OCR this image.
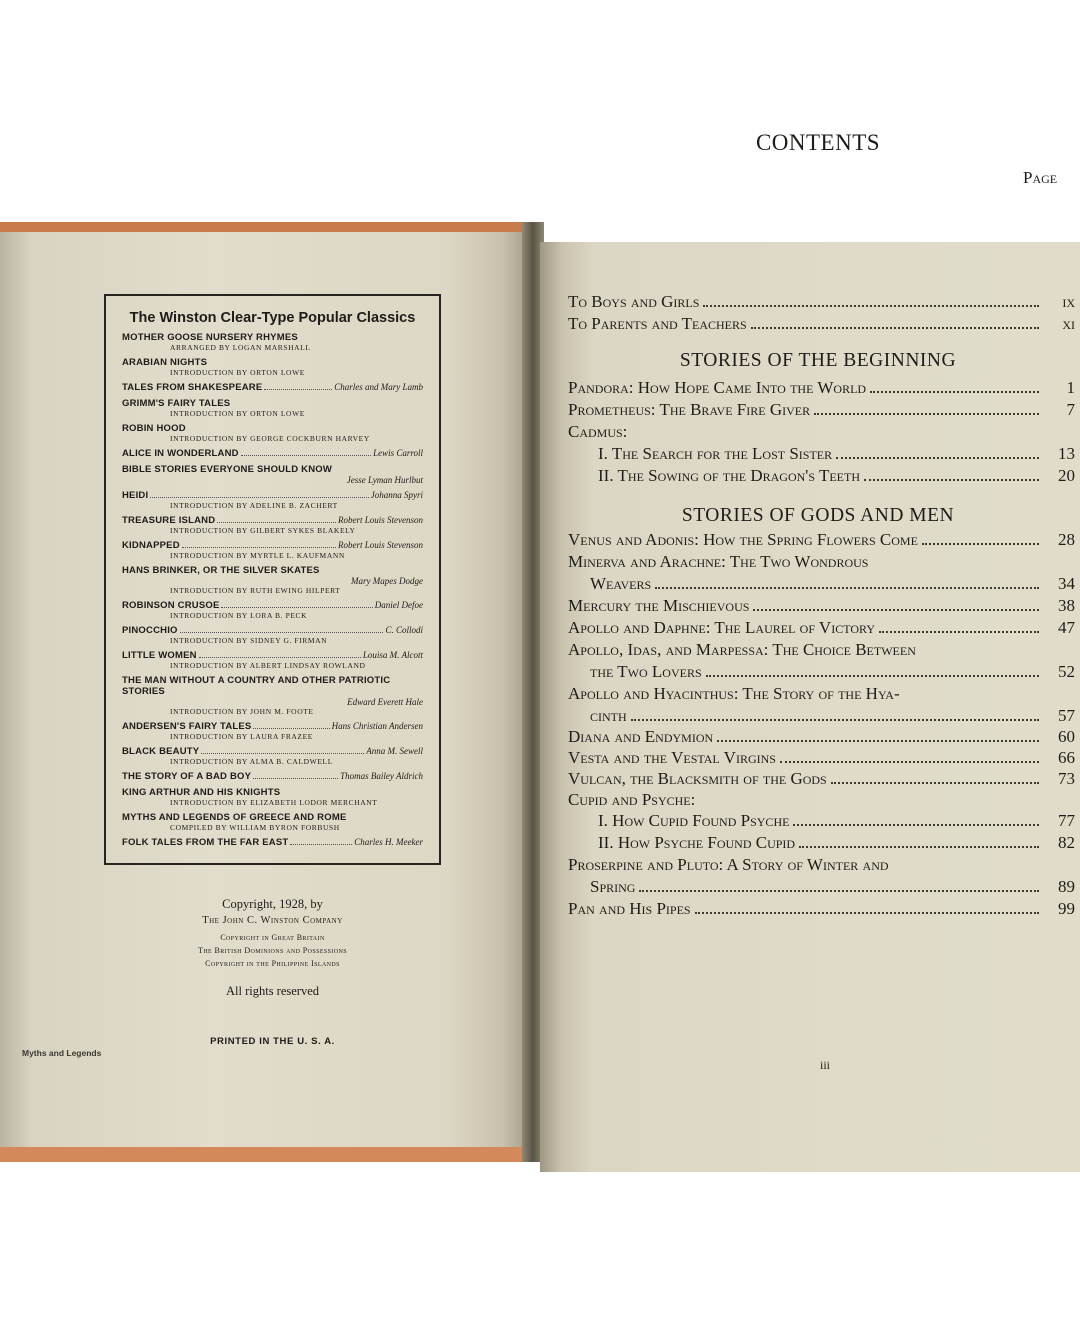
The Winston Clear-Type Popular Classics
MOTHER GOOSE NURSERY RHYMES
ARRANGED BY LOGAN MARSHALL
ARABIAN NIGHTS
INTRODUCTION BY ORTON LOWE
TALES FROM SHAKESPEARE	Charles and Mary Lamb
GRIMM'S FAIRY TALES
INTRODUCTION BY ORTON LOWE
ROBIN HOOD
INTRODUCTION BY GEORGE COCKBURN HARVEY
ALICE IN WONDERLAND	Lewis Carroll
BIBLE STORIES EVERYONE SHOULD KNOW
Jesse Lyman Hurlbut
HEIDI	Johanna Spyri
INTRODUCTION BY ADELINE B. ZACHERT
TREASURE ISLAND	Robert Louis Stevenson
INTRODUCTION BY GILBERT SYKES BLAKELY
KIDNAPPED	Robert Louis Stevenson
INTRODUCTION BY MYRTLE L. KAUFMANN
HANS BRINKER, OR THE SILVER SKATES
Mary Mapes Dodge
INTRODUCTION BY RUTH EWING HILPERT
ROBINSON CRUSOE	Daniel Defoe
INTRODUCTION BY LORA B. PECK
PINOCCHIO	C. Collodi
INTRODUCTION BY SIDNEY G. FIRMAN
LITTLE WOMEN	Louisa M. Alcott
INTRODUCTION BY ALBERT LINDSAY ROWLAND
THE MAN WITHOUT A COUNTRY AND OTHER PATRIOTIC STORIES
Edward Everett Hale
INTRODUCTION BY JOHN M. FOOTE
ANDERSEN'S FAIRY TALES	Hans Christian Andersen
INTRODUCTION BY LAURA FRAZEE
BLACK BEAUTY	Anna M. Sewell
INTRODUCTION BY ALMA B. CALDWELL
THE STORY OF A BAD BOY	Thomas Bailey Aldrich
KING ARTHUR AND HIS KNIGHTS
INTRODUCTION BY ELIZABETH LODOR MERCHANT
MYTHS AND LEGENDS OF GREECE AND ROME
COMPILED BY WILLIAM BYRON FORBUSH
FOLK TALES FROM THE FAR EAST	Charles H. Meeker
Copyright, 1928, by
The John C. Winston Company
Copyright in Great Britain
The British Dominions and Possessions
Copyright in the Philippine Islands
All rights reserved
PRINTED IN THE U. S. A.
Myths and Legends
CONTENTS
Page
To Boys and Girls	ix
To Parents and Teachers	xi
STORIES OF THE BEGINNING
Pandora: How Hope Came Into the World	1
Prometheus: The Brave Fire Giver	7
Cadmus:
I. The Search for the Lost Sister	13
II. The Sowing of the Dragon's Teeth	20
STORIES OF GODS AND MEN
Venus and Adonis: How the Spring Flowers Come	28
Minerva and Arachne: The Two Wondrous
Weavers	34
Mercury the Mischievous	38
Apollo and Daphne: The Laurel of Victory	47
Apollo, Idas, and Marpessa: The Choice Between
the Two Lovers	52
Apollo and Hyacinthus: The Story of the Hya-
cinth	57
Diana and Endymion	60
Vesta and the Vestal Virgins	66
Vulcan, the Blacksmith of the Gods	73
Cupid and Psyche:
I. How Cupid Found Psyche	77
II. How Psyche Found Cupid	82
Proserpine and Pluto: A Story of Winter and
Spring	89
Pan and His Pipes	99
iii
